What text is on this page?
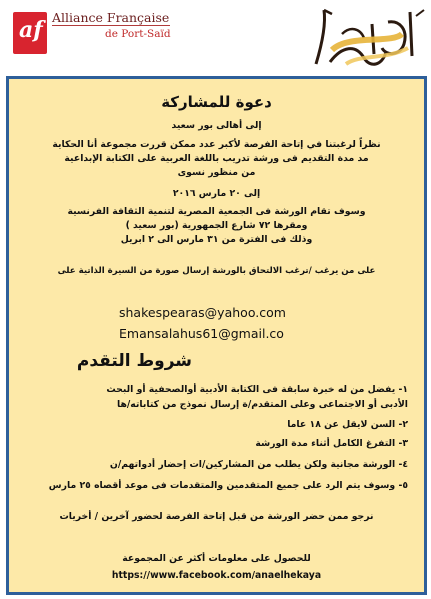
af Alliance Française
de Port-Saïd
دعوة للمشاركة
إلى أهالى بور سعيد
نظراً لرغبتنا في إتاحة الفرصة لأكبر عدد ممكن قررت مجموعة أنا الحكاية
مد مدة التقديم فى ورشة تدريب باللغة العربية على الكتابة الإبداعية
من منظور نسوى
إلى ٢٠ مارس ٢٠١٦
وسوف تقام الورشة فى الجمعية المصرية لتنمية الثقافة الفرنسية
ومقرها ٧٢ شارع الجمهورية (بور سعيد )
وذلك فى الفترة من ٣١ مارس الى ٢ ابريل
على من يرغب /ترغب الالتحاق بالورشة إرسال صورة من السيرة الذاتية على
shakespearas@yahoo.com
Emansalahus61@gmail.co
شروط التقدم
١- يفضل من له خبرة سابقة فى الكتابة الأدبية أوالصحفية أو البحث
الأدبى أو الاجتماعى وعلى المتقدم/ة إرسال نموذج من كتاباته/ها
٢- السن لايقل عن ١٨ عاما
٣- التفرغ الكامل أثناء مدة الورشة
٤- الورشة مجانية ولكن يطلب من المشاركين/ات إحضار أدواتهم/ن
٥- وسوف يتم الرد على جميع المتقدمين والمتقدمات فى موعد أقصاه ٢٥ مارس
نرجو ممن حضر الورشة من قبل إتاحة الفرصة لحضور آخرين / أخريات
للحصول على معلومات أكثر عن المجموعة
https://www.facebook.com/anaelhekaya
